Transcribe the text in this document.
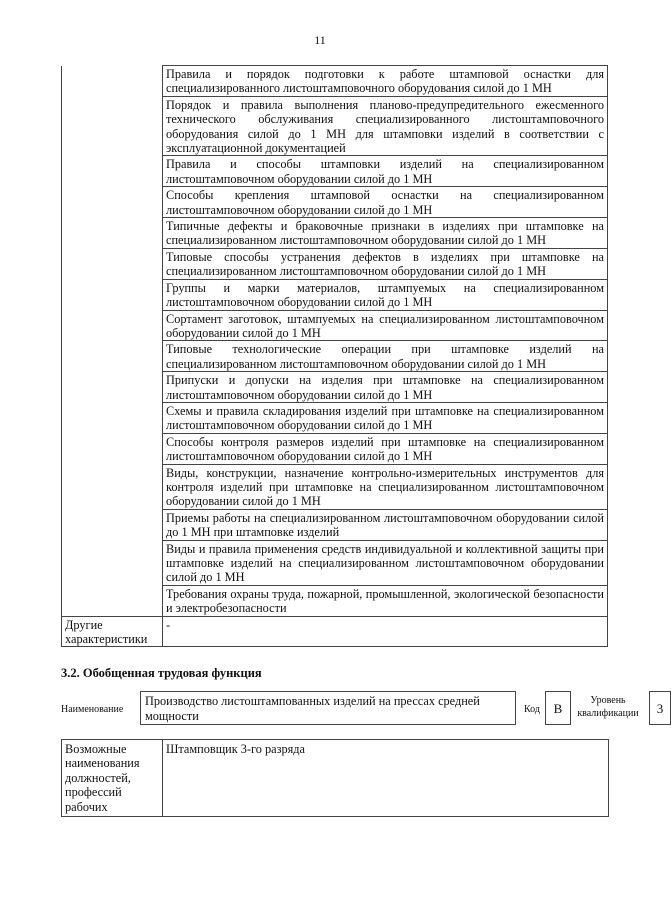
11
	Правила и порядок подготовки к работе штамповой оснастки для специализированного листоштамповочного оборудования силой до 1 МН
	Порядок и правила выполнения планово-предупредительного ежесменного технического обслуживания специализированного листоштамповочного оборудования силой до 1 МН для штамповки изделий в соответствии с эксплуатационной документацией
	Правила и способы штамповки изделий на специализированном листоштамповочном оборудовании силой до 1 МН
	Способы крепления штамповой оснастки на специализированном листоштамповочном оборудовании силой до 1 МН
	Типичные дефекты и браковочные признаки в изделиях при штамповке на специализированном листоштамповочном оборудовании силой до 1 МН
	Типовые способы устранения дефектов в изделиях при штамповке на специализированном листоштамповочном оборудовании силой до 1 МН
	Группы и марки материалов, штампуемых на специализированном листоштамповочном оборудовании силой до 1 МН
	Сортамент заготовок, штампуемых на специализированном листоштамповочном оборудовании силой до 1 МН
	Типовые технологические операции при штамповке изделий на специализированном листоштамповочном оборудовании силой до 1 МН
	Припуски и допуски на изделия при штамповке на специализированном листоштамповочном оборудовании силой до 1 МН
	Схемы и правила складирования изделий при штамповке на специализированном листоштамповочном оборудовании силой до 1 МН
	Способы контроля размеров изделий при штамповке на специализированном листоштамповочном оборудовании силой до 1 МН
	Виды, конструкции, назначение контрольно-измерительных инструментов для контроля изделий при штамповке на специализированном листоштамповочном оборудовании силой до 1 МН
	Приемы работы на специализированном листоштамповочном оборудовании силой до 1 МН при штамповке изделий
	Виды и правила применения средств индивидуальной и коллективной защиты при штамповке изделий на специализированном листоштамповочном оборудовании силой до 1 МН
	Требования охраны труда, пожарной, промышленной, экологической безопасности и электробезопасности
Другие характеристики	-
3.2. Обобщенная трудовая функция
Наименование
Производство листоштампованных изделий на прессах средней мощности	Код	В
Уровень квалификации	3
Возможные наименования должностей, профессий рабочих	Штамповщик 3-го разряда
